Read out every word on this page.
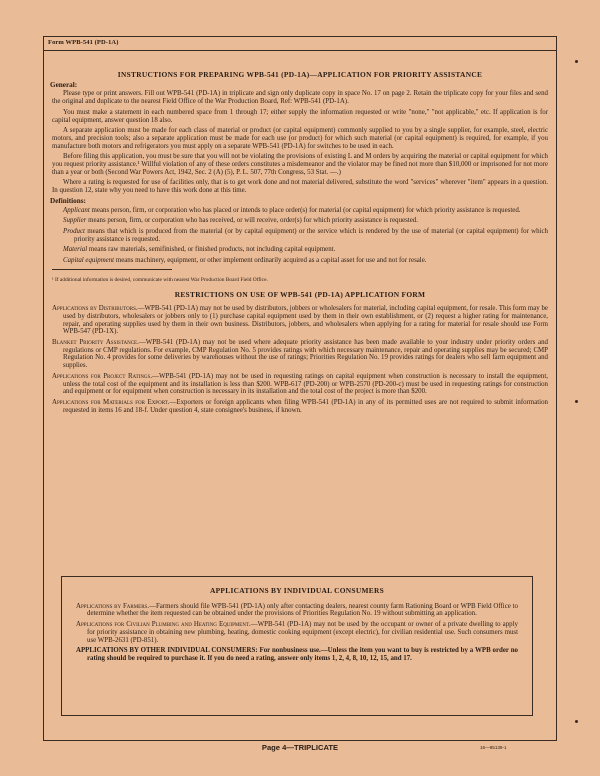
Form WPB-541 (PD-1A)
INSTRUCTIONS FOR PREPARING WPB-541 (PD-1A)—APPLICATION FOR PRIORITY ASSISTANCE
General:

Please type or print answers. Fill out WPB-541 (PD-1A) in triplicate and sign only duplicate copy in space No. 17 on page 2. Retain the triplicate copy for your files and send the original and duplicate to the nearest Field Office of the War Production Board, Ref: WPB-541 (PD-1A).

You must make a statement in each numbered space from 1 through 17; either supply the information requested or write "none," "not applicable," etc. If application is for capital equipment, answer question 18 also.

A separate application must be made for each class of material or product (or capital equipment) commonly supplied to you by a single supplier, for example, steel, electric motors, and precision tools; also a separate application must be made for each use (or product) for which such material (or capital equipment) is required, for example, if you manufacture both motors and refrigerators you must apply on a separate WPB-541 (PD-1A) for switches to be used in each.

Before filing this application, you must be sure that you will not be violating the provisions of existing L and M orders by acquiring the material or capital equipment for which you request priority assistance.¹ Willful violation of any of these orders constitutes a misdemeanor and the violator may be fined not more than $10,000 or imprisoned for not more than a year or both (Second War Powers Act, 1942, Sec. 2 (A) (5), P. L. 507, 77th Congress, 53 Stat. —.)

Where a rating is requested for use of facilities only, that is to get work done and not material delivered, substitute the word "services" wherever "item" appears in a question. In question 12, state why you need to have this work done at this time.

Definitions:

Applicant means person, firm, or corporation who has placed or intends to place order(s) for material (or capital equipment) for which priority assistance is requested.

Supplier means person, firm, or corporation who has received, or will receive, order(s) for which priority assistance is requested.

Product means that which is produced from the material (or by capital equipment) or the service which is rendered by the use of material (or capital equipment) for which priority assistance is requested.

Material means raw materials, semifinished, or finished products, not including capital equipment.

Capital equipment means machinery, equipment, or other implement ordinarily acquired as a capital asset for use and not for resale.

¹ If additional information is desired, communicate with nearest War Production Board Field Office.

RESTRICTIONS ON USE OF WPB-541 (PD-1A) APPLICATION FORM

Applications by Distributors.—WPB-541 (PD-1A) may not be used by distributors, jobbers or wholesalers for material, including capital equipment, for resale. This form may be used by distributors, wholesalers or jobbers only to (1) purchase capital equipment used by them in their own establishment, or (2) request a higher rating for maintenance, repair, and operating supplies used by them in their own business. Distributors, jobbers, and wholesalers when applying for a rating for material for resale should use Form WPB-547 (PD-1X).

Blanket Priority Assistance.—WPB-541 (PD-1A) may not be used where adequate priority assistance has been made available to your industry under priority orders and regulations or CMP regulations. For example, CMP Regulation No. 5 provides ratings with which necessary maintenance, repair and operating supplies may be secured; CMP Regulation No. 4 provides for some deliveries by warehouses without the use of ratings; Priorities Regulation No. 19 provides ratings for dealers who sell farm equipment and supplies.

Applications for Project Ratings.—WPB-541 (PD-1A) may not be used in requesting ratings on capital equipment when construction is necessary to install the equipment, unless the total cost of the equipment and its installation is less than $200. WPB-617 (PD-200) or WPB-2570 (PD-200-c) must be used in requesting ratings for construction and equipment or for equipment when construction is necessary in its installation and the total cost of the project is more than $200.

Applications for Materials for Export.—Exporters or foreign applicants when filing WPB-541 (PD-1A) in any of its permitted uses are not required to submit information requested in items 16 and 18-f. Under question 4, state consignee's business, if known.

APPLICATIONS BY INDIVIDUAL CONSUMERS

Applications by Farmers.—Farmers should file WPB-541 (PD-1A) only after contacting dealers, nearest county farm Rationing Board or WPB Field Office to determine whether the item requested can be obtained under the provisions of Priorities Regulation No. 19 without submitting an application.

Applications for Civilian Plumbing and Heating Equipment.—WPB-541 (PD-1A) may not be used by the occupant or owner of a private dwelling to apply for priority assistance in obtaining new plumbing, heating, domestic cooking equipment (except electric), for civilian residential use. Such consumers must use WPB-2631 (PD-851).

APPLICATIONS BY OTHER INDIVIDUAL CONSUMERS: For nonbusiness use.—Unless the item you want to buy is restricted by a WPB order no rating should be required to purchase it. If you do need a rating, answer only items 1, 2, 4, 8, 10, 12, 15, and 17.

Page 4—TRIPLICATE	16—85139-1
